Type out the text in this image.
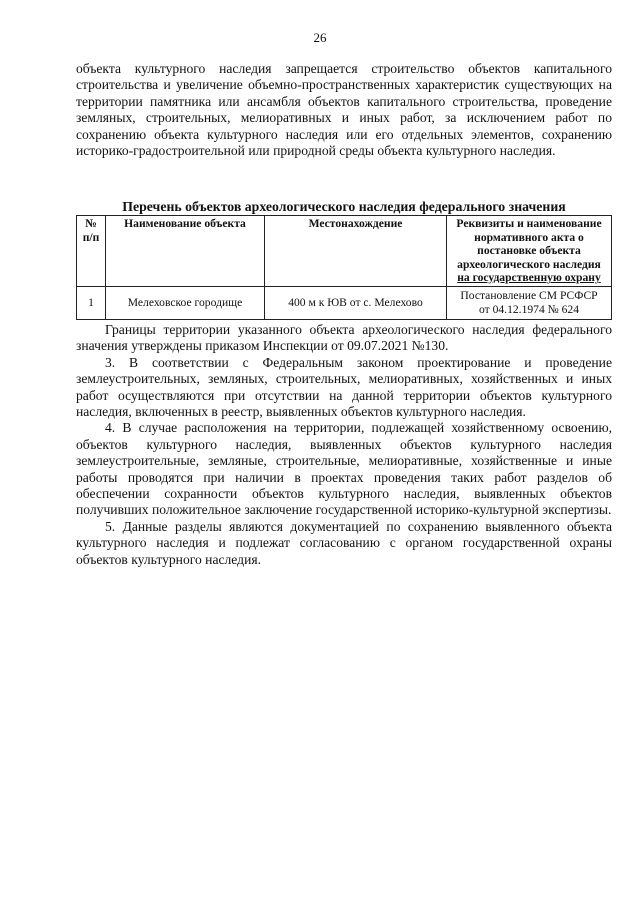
26

объекта культурного наследия запрещается строительство объектов капитального строительства и увеличение объемно-пространственных характеристик существующих на территории памятника или ансамбля объектов капитального строительства, проведение земляных, строительных, мелиоративных и иных работ, за исключением работ по сохранению объекта культурного наследия или его отдельных элементов, сохранению историко-градостроительной или природной среды объекта культурного наследия.

Перечень объектов археологического наследия федерального значения

№ п/п	Наименование объекта	Местонахождение	Реквизиты и наименование
нормативного акта о
постановке объекта
археологического наследия
на государственную охрану

1	Мелеховское городище	400 м к ЮВ от с. Мелехово	Постановление СМ РСФСР
от 04.12.1974 № 624

Границы территории указанного объекта археологического наследия федерального значения утверждены приказом Инспекции от 09.07.2021 №130.

3. В соответствии с Федеральным законом проектирование и проведение землеустроительных, земляных, строительных, мелиоративных, хозяйственных и иных работ осуществляются при отсутствии на данной территории объектов культурного наследия, включенных в реестр, выявленных объектов культурного наследия.

4. В случае расположения на территории, подлежащей хозяйственному освоению, объектов культурного наследия, выявленных объектов культурного наследия землеустроительные, земляные, строительные, мелиоративные, хозяйственные и иные работы проводятся при наличии в проектах проведения таких работ разделов об обеспечении сохранности объектов культурного наследия, выявленных объектов получивших положительное заключение государственной историко-культурной экспертизы.

5. Данные разделы являются документацией по сохранению выявленного объекта культурного наследия и подлежат согласованию с органом государственной охраны объектов культурного наследия.
